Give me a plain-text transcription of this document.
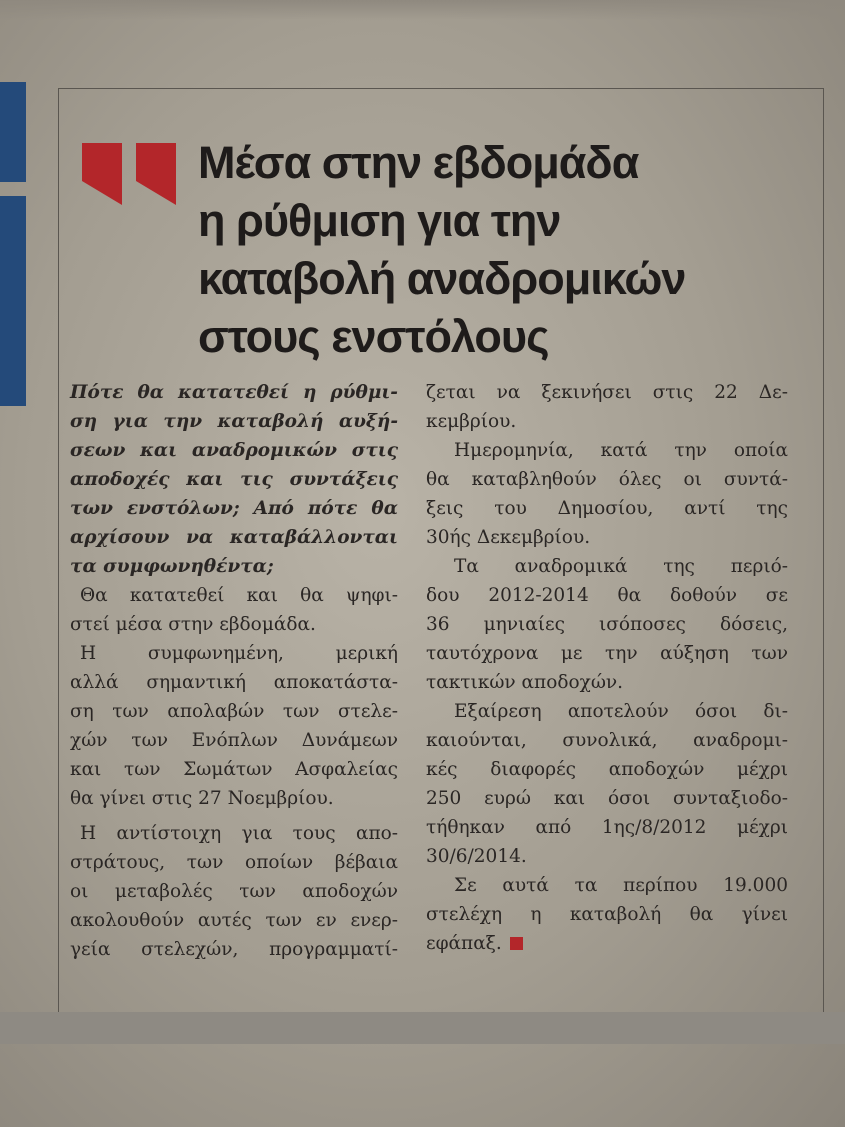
Μέσα στην εβδομάδα
η ρύθμιση για την
καταβολή αναδρομικών
στους ενστόλους
Πότε θα κατατεθεί η ρύθμι-
ση για την καταβολή αυξή-
σεων και αναδρομικών στις
αποδοχές και τις συντάξεις
των ενστόλων; Από πότε θα
αρχίσουν να καταβάλλονται
τα συμφωνηθέντα;
Θα κατατεθεί και θα ψηφι-
στεί μέσα στην εβδομάδα.
Η συμφωνημένη, μερική
αλλά σημαντική αποκατάστα-
ση των απολαβών των στελε-
χών των Ενόπλων Δυνάμεων
και των Σωμάτων Ασφαλείας
θα γίνει στις 27 Νοεμβρίου.
Η αντίστοιχη για τους απο-
στράτους, των οποίων βέβαια
οι μεταβολές των αποδοχών
ακολουθούν αυτές των εν ενερ-
γεία στελεχών, προγραμματί-
ζεται να ξεκινήσει στις 22 Δε-
κεμβρίου.
Ημερομηνία, κατά την οποία
θα καταβληθούν όλες οι συντά-
ξεις του Δημοσίου, αντί της
30ής Δεκεμβρίου.
Τα αναδρομικά της περιό-
δου 2012-2014 θα δοθούν σε
36 μηνιαίες ισόποσες δόσεις,
ταυτόχρονα με την αύξηση των
τακτικών αποδοχών.
Εξαίρεση αποτελούν όσοι δι-
καιούνται, συνολικά, αναδρομι-
κές διαφορές αποδοχών μέχρι
250 ευρώ και όσοι συνταξιοδο-
τήθηκαν από 1ης/8/2012 μέχρι
30/6/2014.
Σε αυτά τα περίπου 19.000
στελέχη η καταβολή θα γίνει
εφάπαξ.
